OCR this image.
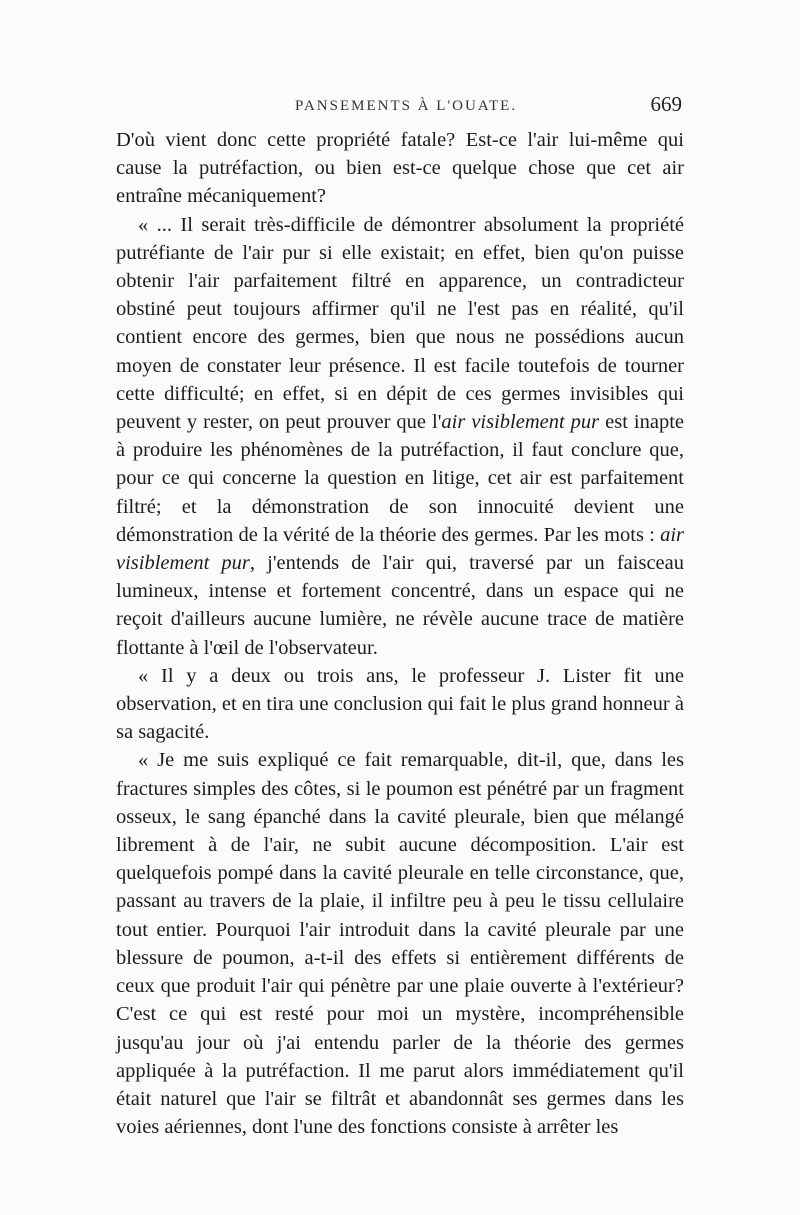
PANSEMENTS À L'OUATE.	669

D'où vient donc cette propriété fatale? Est-ce l'air lui-même qui cause la putréfaction, ou bien est-ce quelque chose que cet air entraîne mécaniquement?

« ... Il serait très-difficile de démontrer absolument la propriété putréfiante de l'air pur si elle existait; en effet, bien qu'on puisse obtenir l'air parfaitement filtré en apparence, un contradicteur obstiné peut toujours affirmer qu'il ne l'est pas en réalité, qu'il contient encore des germes, bien que nous ne possédions aucun moyen de constater leur présence. Il est facile toutefois de tourner cette difficulté; en effet, si en dépit de ces germes invisibles qui peuvent y rester, on peut prouver que l'air visiblement pur est inapte à produire les phénomènes de la putréfaction, il faut conclure que, pour ce qui concerne la question en litige, cet air est parfaitement filtré; et la démonstration de son innocuité devient une démonstration de la vérité de la théorie des germes. Par les mots : air visiblement pur, j'entends de l'air qui, traversé par un faisceau lumineux, intense et fortement concentré, dans un espace qui ne reçoit d'ailleurs aucune lumière, ne révèle aucune trace de matière flottante à l'œil de l'observateur.

« Il y a deux ou trois ans, le professeur J. Lister fit une observation, et en tira une conclusion qui fait le plus grand honneur à sa sagacité.

« Je me suis expliqué ce fait remarquable, dit-il, que, dans les fractures simples des côtes, si le poumon est pénétré par un fragment osseux, le sang épanché dans la cavité pleurale, bien que mélangé librement à de l'air, ne subit aucune décomposition. L'air est quelquefois pompé dans la cavité pleurale en telle circonstance, que, passant au travers de la plaie, il infiltre peu à peu le tissu cellulaire tout entier. Pourquoi l'air introduit dans la cavité pleurale par une blessure de poumon, a-t-il des effets si entièrement différents de ceux que produit l'air qui pénètre par une plaie ouverte à l'extérieur? C'est ce qui est resté pour moi un mystère, incompréhensible jusqu'au jour où j'ai entendu parler de la théorie des germes appliquée à la putréfaction. Il me parut alors immédiatement qu'il était naturel que l'air se filtrât et abandonnât ses germes dans les voies aériennes, dont l'une des fonctions consiste à arrêter les
